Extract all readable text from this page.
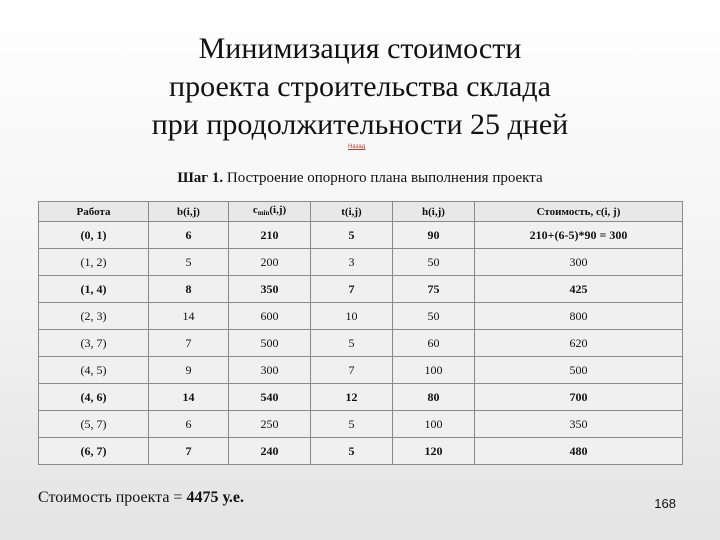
Минимизация стоимости
проекта строительства склада
при продолжительности 25 дней
Назад
Шаг 1. Построение опорного плана выполнения проекта
Работа	b(i,j)	cmin(i,j)	t(i,j)	h(i,j)	Стоимость, c(i, j)
(0, 1)	6	210	5	90	210+(6-5)*90 = 300
(1, 2)	5	200	3	50	300
(1, 4)	8	350	7	75	425
(2, 3)	14	600	10	50	800
(3, 7)	7	500	5	60	620
(4, 5)	9	300	7	100	500
(4, 6)	14	540	12	80	700
(5, 7)	6	250	5	100	350
(6, 7)	7	240	5	120	480
Стоимость проекта = 4475 у.е.	168
